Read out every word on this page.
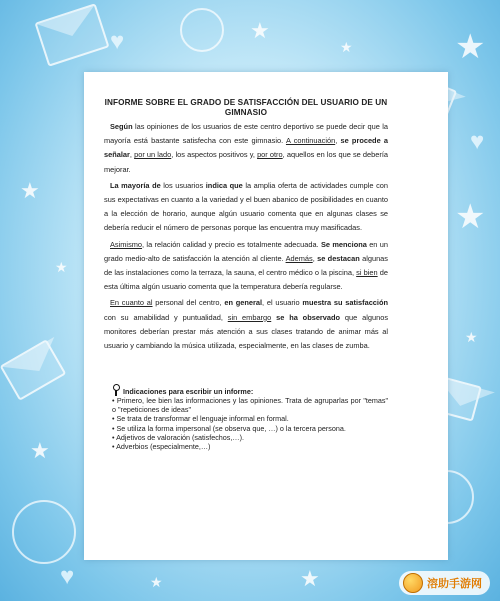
★
★
★
★
★
★
★
★
★
★
♥
♥
♥
INFORME SOBRE EL GRADO DE SATISFACCIÓN DEL USUARIO DE UN GIMNASIO

Según las opiniones de los usuarios de este centro deportivo se puede decir que la mayoría está bastante satisfecha con este gimnasio. A continuación, se procede a señalar, por un lado, los aspectos positivos y, por otro, aquellos en los que se debería mejorar.

La mayoría de los usuarios indica que la amplia oferta de actividades cumple con sus expectativas en cuanto a la variedad y el buen abanico de posibilidades en cuanto a la elección de horario, aunque algún usuario comenta que en algunas clases se debería reducir el número de personas porque las encuentra muy masificadas.

Asimismo, la relación calidad y precio es totalmente adecuada. Se menciona en un grado medio-alto de satisfacción la atención al cliente. Además, se destacan algunas de las instalaciones como la terraza, la sauna, el centro médico o la piscina, si bien de esta última algún usuario comenta que la temperatura debería regularse.

En cuanto al personal del centro, en general, el usuario muestra su satisfacción con su amabilidad y puntualidad, sin embargo se ha observado que algunos monitores deberían prestar más atención a sus clases tratando de animar más al usuario y cambiando la música utilizada, especialmente, en las clases de zumba.

Indicaciones para escribir un informe:
• Primero, lee bien las informaciones y las opiniones. Trata de agruparlas por "temas" o "repeticiones de ideas"
• Se trata de transformar el lenguaje informal en formal.
• Se utiliza la forma impersonal (se observa que, …) o la tercera persona.
• Adjetivos de valoración (satisfechos,…).
• Adverbios (especialmente,…)
溶助手游网
